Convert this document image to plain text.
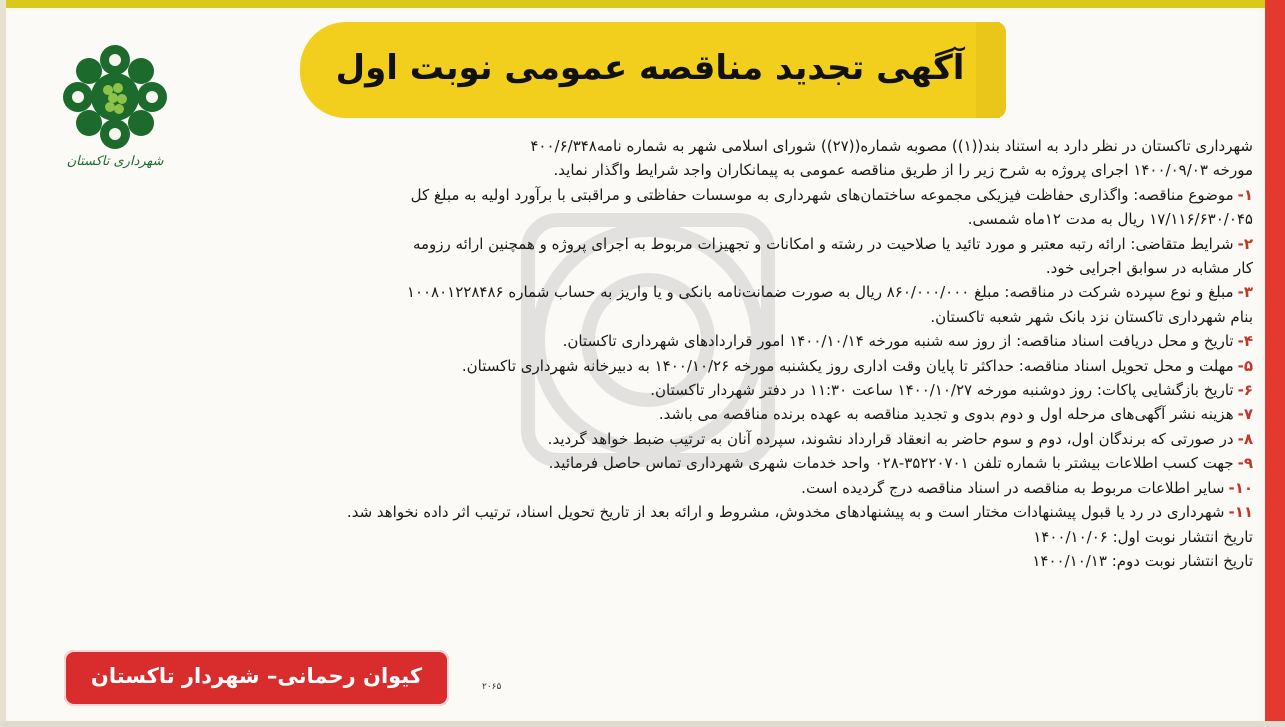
آگهی تجدید مناقصه عمومی نوبت اول
شهرداری تاکستان

شهرداری تاکستان در نظر دارد به استناد بند((۱)) مصوبه شماره((۲۷)) شورای اسلامی شهر به شماره نامه۴۰۰/۶/۳۴۸

مورخه ۱۴۰۰/۰۹/۰۳ اجرای پروژه به شرح زیر را از طریق مناقصه عمومی به پیمانکاران واجد شرایط واگذار نماید.

۱-موضوع مناقصه: واگذاری حفاظت فیزیکی مجموعه ساختمان‌های شهرداری به موسسات حفاظتی و مراقبتی با برآورد اولیه به مبلغ کل

۱۷/۱۱۶/۶۳۰/۰۴۵ ریال به مدت ۱۲ماه شمسی.

۲-شرایط متقاضی: ارائه رتبه معتبر و مورد تائید یا صلاحیت در رشته و امکانات و تجهیزات مربوط به اجرای پروژه و همچنین ارائه رزومه

کار مشابه در سوابق اجرایی خود.

۳-مبلغ و نوع سپرده شرکت در مناقصه: مبلغ ۸۶۰/۰۰۰/۰۰۰ ریال به صورت ضمانت‌نامه بانکی و یا واریز به حساب شماره ۱۰۰۸۰۱۲۲۸۴۸۶

بنام شهرداری تاکستان نزد بانک شهر شعبه تاکستان.

۴-تاریخ و محل دریافت اسناد مناقصه: از روز سه شنبه مورخه ۱۴۰۰/۱۰/۱۴ امور قراردادهای شهرداری تاکستان.

۵-مهلت و محل تحویل اسناد مناقصه: حداکثر تا پایان وقت اداری روز یکشنبه مورخه ۱۴۰۰/۱۰/۲۶ به دبیرخانه شهرداری تاکستان.

۶-تاریخ بازگشایی پاکات: روز دوشنبه مورخه ۱۴۰۰/۱۰/۲۷ ساعت ۱۱:۳۰ در دفتر شهردار تاکستان.

۷-هزینه نشر آگهی‌های مرحله اول و دوم بدوی و تجدید مناقصه به عهده برنده مناقصه می باشد.

۸-در صورتی که برندگان اول، دوم و سوم حاضر به انعقاد قرارداد نشوند، سپرده آنان به ترتیب ضبط خواهد گردید.

۹-جهت کسب اطلاعات بیشتر با شماره تلفن ۳۵۲۲۰۷۰۱-۰۲۸ واحد خدمات شهری شهرداری تماس حاصل فرمائید.

۱۰-سایر اطلاعات مربوط به مناقصه در اسناد مناقصه درج گردیده است.

۱۱-شهرداری در رد یا قبول پیشنهادات مختار است و به پیشنهادهای مخدوش، مشروط و ارائه بعد از تاریخ تحویل اسناد، ترتیب اثر داده نخواهد شد.

تاریخ انتشار نوبت اول: ۱۴۰۰/۱۰/۰۶

تاریخ انتشار نوبت دوم: ۱۴۰۰/۱۰/۱۳

کیوان رحمانی– شهردار تاکستان	۲۰۶۵
